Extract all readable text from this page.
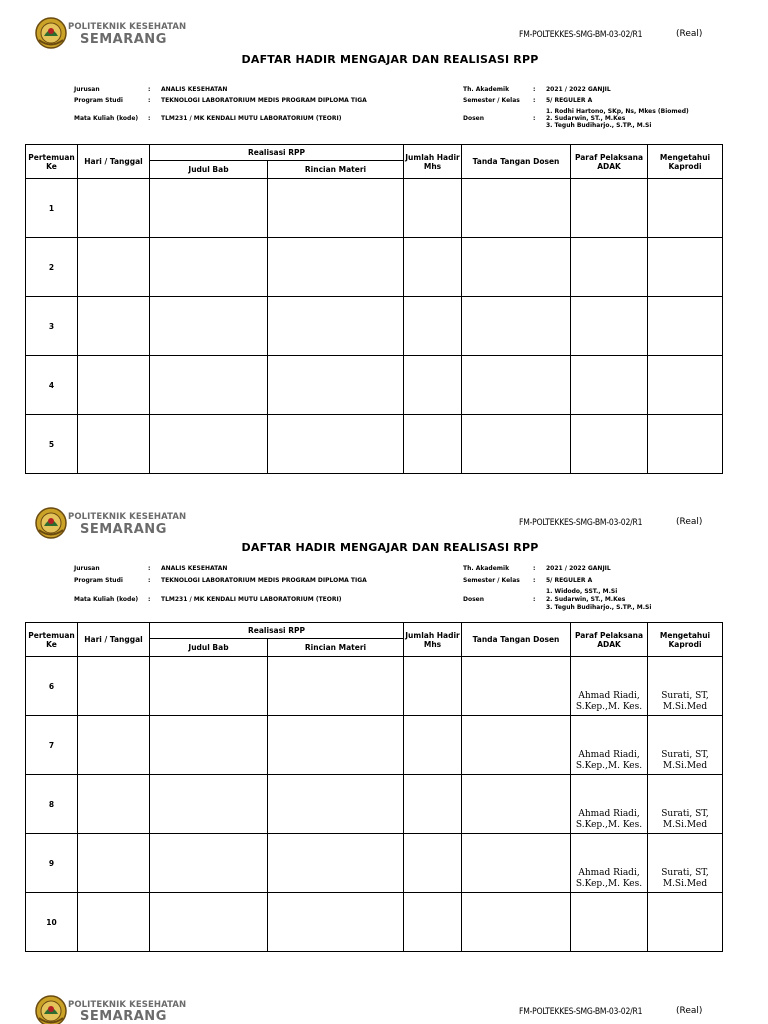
POLITEKNIK KESEHATAN
SEMARANG	FM-POLTEKKES-SMG-BM-03-02/R1	(Real)
DAFTAR HADIR MENGAJAR DAN REALISASI RPP
Jurusan	: ANALIS KESEHATAN
Program Studi	: TEKNOLOGI LABORATORIUM MEDIS PROGRAM DIPLOMA TIGA
Mata Kuliah (kode) : TLM231 / MK KENDALI MUTU LABORATORIUM (TEORI)
Th. Akademik	: 2021 / 2022 GANJIL
Semester / Kelas : 5/ REGULER A
Dosen	:
1. Rodhi Hartono, SKp, Ns, Mkes (Biomed)
2. Sudarwin, ST., M.Kes
3. Teguh Budiharjo., S.TP., M.Si
Pertemuan Ke	Hari / Tanggal	Realisasi RPP		Jumlah Hadir Mhs	Tanda Tangan Dosen	Paraf Pelaksana ADAK	Mengetahui Kaprodi
		Judul Bab	Rincian Materi				
1							
2							
3							
4							
5							
POLITEKNIK KESEHATAN
SEMARANG	FM-POLTEKKES-SMG-BM-03-02/R1	(Real)
DAFTAR HADIR MENGAJAR DAN REALISASI RPP
Jurusan	: ANALIS KESEHATAN
Program Studi	: TEKNOLOGI LABORATORIUM MEDIS PROGRAM DIPLOMA TIGA
Mata Kuliah (kode) : TLM231 / MK KENDALI MUTU LABORATORIUM (TEORI)
Th. Akademik	: 2021 / 2022 GANJIL
Semester / Kelas : 5/ REGULER A
Dosen	:
1. Widodo, SST., M.Si
2. Sudarwin, ST., M.Kes
3. Teguh Budiharjo., S.TP., M.Si
Pertemuan Ke	Hari / Tanggal	Realisasi RPP		Jumlah Hadir Mhs	Tanda Tangan Dosen	Paraf Pelaksana ADAK	Mengetahui Kaprodi
		Judul Bab	Rincian Materi				
6						Ahmad Riadi,
S.Kep.,M. Kes.	Surati, ST,
M.Si.Med

7						Ahmad Riadi,
S.Kep.,M. Kes.	Surati, ST,
M.Si.Med

8						Ahmad Riadi,
S.Kep.,M. Kes.	Surati, ST,
M.Si.Med

9						Ahmad Riadi,
S.Kep.,M. Kes.	Surati, ST,
M.Si.Med

10							
POLITEKNIK KESEHATAN
SEMARANG	FM-POLTEKKES-SMG-BM-03-02/R1	(Real)
